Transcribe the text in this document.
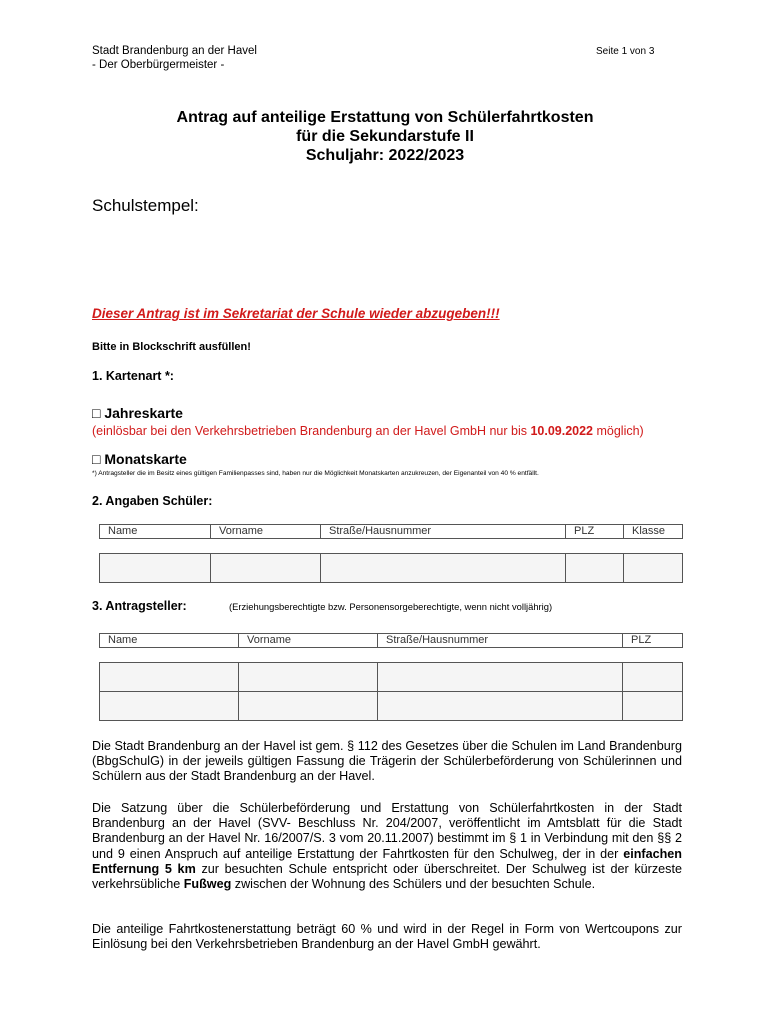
Stadt Brandenburg an der Havel
- Der Oberbürgermeister -
Seite 1 von 3
Antrag auf anteilige Erstattung von Schülerfahrtkosten
für die Sekundarstufe II
Schuljahr: 2022/2023
Schulstempel:
Dieser Antrag ist im Sekretariat der Schule wieder abzugeben!!!
Bitte in Blockschrift ausfüllen!
1. Kartenart *:
□ Jahreskarte
(einlösbar bei den Verkehrsbetrieben Brandenburg an der Havel GmbH nur bis 10.09.2022 möglich)
□ Monatskarte
*) Antragsteller die im Besitz eines gültigen Familienpasses sind, haben nur die Möglichkeit Monatskarten anzukreuzen, der Eigenanteil von 40 % entfällt.
2. Angaben Schüler:
Name	Vorname	Straße/Hausnummer	PLZ	Klasse

3. Antragsteller:	(Erziehungsberechtigte bzw. Personensorgeberechtigte, wenn nicht volljährig)
Name	Vorname	Straße/Hausnummer	PLZ

Die Stadt Brandenburg an der Havel ist gem. § 112 des Gesetzes über die Schulen im Land Brandenburg (BbgSchulG) in der jeweils gültigen Fassung die Trägerin der Schülerbeförderung von Schülerinnen und Schülern aus der Stadt Brandenburg an der Havel.

Die Satzung über die Schülerbeförderung und Erstattung von Schülerfahrtkosten in der Stadt Brandenburg an der Havel (SVV- Beschluss Nr. 204/2007, veröffentlicht im Amtsblatt für die Stadt Brandenburg an der Havel Nr. 16/2007/S. 3 vom 20.11.2007) bestimmt im § 1 in Verbindung mit den §§ 2 und 9 einen Anspruch auf anteilige Erstattung der Fahrtkosten für den Schulweg, der in der einfachen Entfernung 5 km zur besuchten Schule entspricht oder überschreitet. Der Schulweg ist der kürzeste verkehrsübliche Fußweg zwischen der Wohnung des Schülers und der besuchten Schule.

Die anteilige Fahrtkostenerstattung beträgt 60 % und wird in der Regel in Form von Wertcoupons zur Einlösung bei den Verkehrsbetrieben Brandenburg an der Havel GmbH gewährt.
